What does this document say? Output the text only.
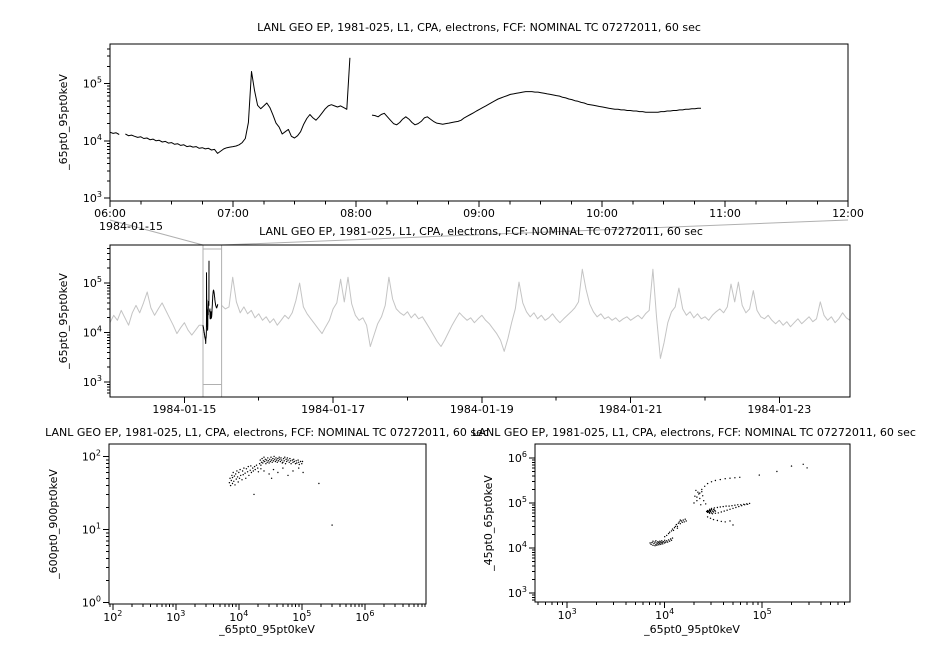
06:00	07:00	08:00	09:00	10:00	11:00	12:00
$10^3$
$10^4$
$10^5$
1984-01-15	1984-01-17	1984-01-19	1984-01-21	1984-01-23
$10^3$
$10^4$
$10^5$
$10^2$	$10^3$	$10^4$	$10^5$	$10^6$
$10^0$
$10^1$
$10^2$
$10^3$	$10^4$	$10^5$
$10^3$
$10^4$
$10^5$
$10^6$
LANL GEO EP, 1981-025, L1, CPA, electrons, FCF: NOMINAL TC 07272011, 60 sec
LANL GEO EP, 1981-025, L1, CPA, electrons, FCF: NOMINAL TC 07272011, 60 sec
LANL GEO EP, 1981-025, L1, CPA, electrons, FCF: NOMINAL TC 07272011, 60 sec
LANL GEO EP, 1981-025, L1, CPA, electrons, FCF: NOMINAL TC 07272011, 60 sec
_65pt0_95pt0keV
_65pt0_95pt0keV
_600pt0_900pt0keV	_45pt0_65pt0keV
_65pt0_95pt0keV	_65pt0_95pt0keV
1984-01-15
